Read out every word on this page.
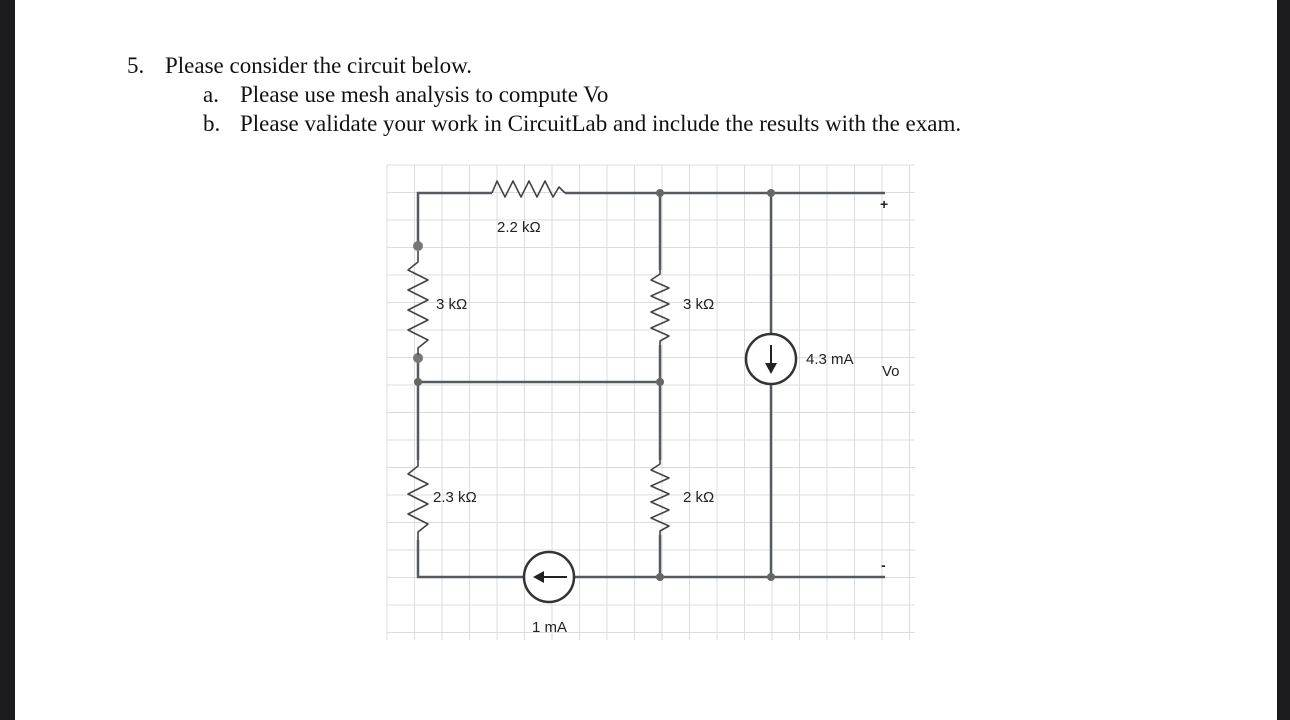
5. Please consider the circuit below.
a. Please use mesh analysis to compute Vo
b. Please validate your work in CircuitLab and include the results with the exam.
2.2 kΩ
3 kΩ
2.3 kΩ
3 kΩ
2 kΩ
1 mA
4.3 mA
+
Vo
-
